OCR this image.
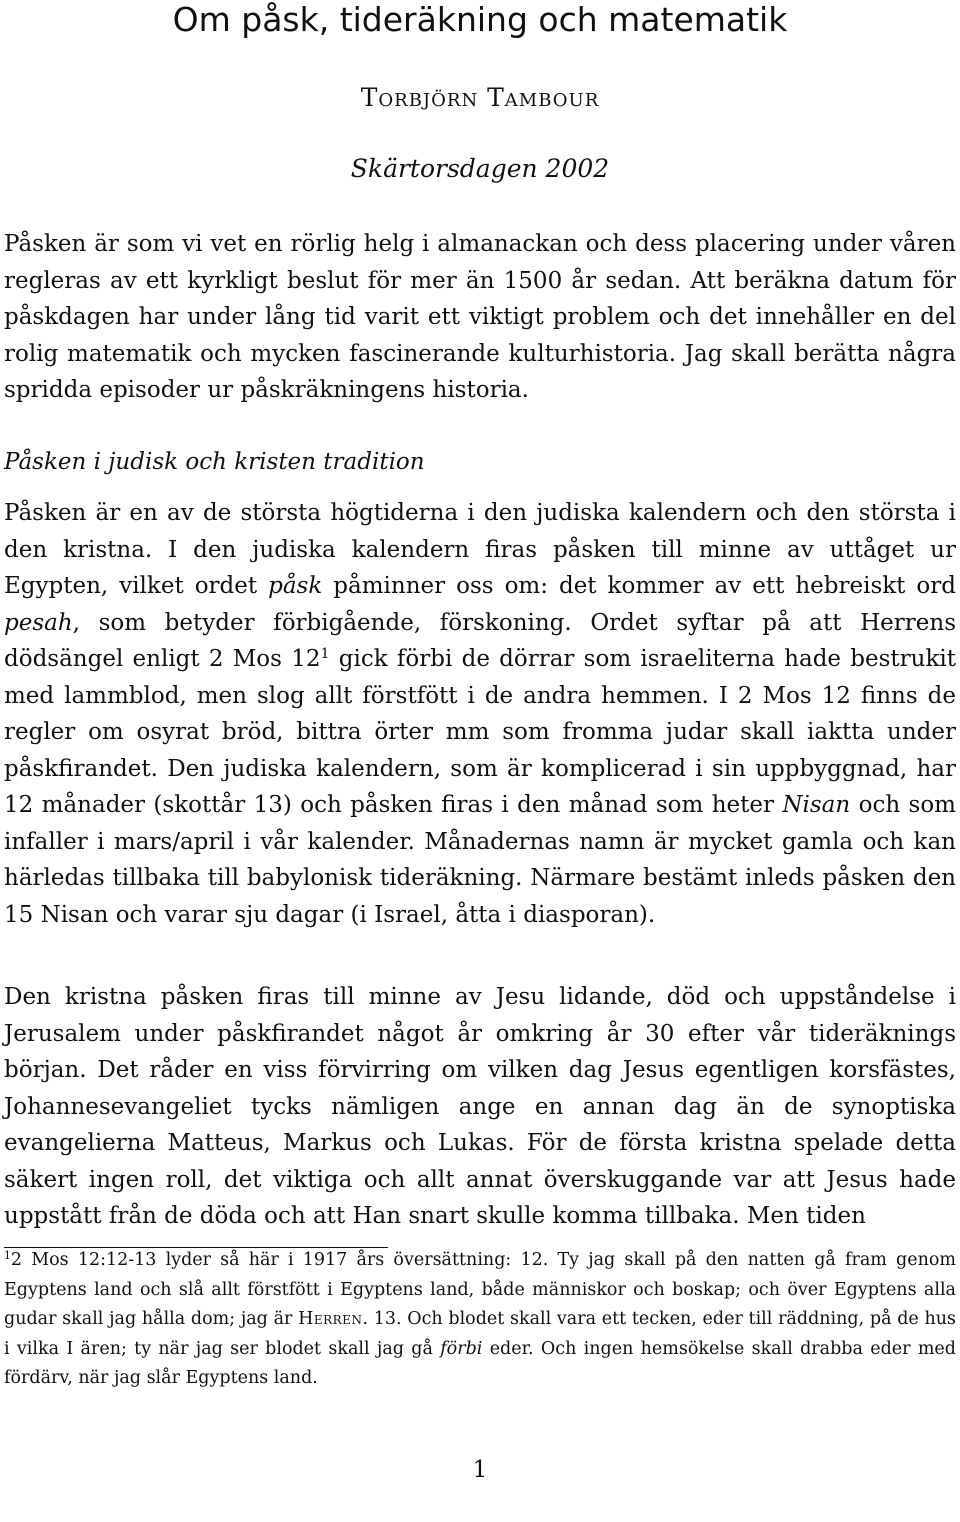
Om påsk, tideräkning och matematik
Torbjörn Tambour
Skärtorsdagen 2002

Påsken är som vi vet en rörlig helg i almanackan och dess placering under våren regleras av ett kyrkligt beslut för mer än 1500 år sedan. Att beräkna datum för påskdagen har under lång tid varit ett viktigt problem och det innehåller en del rolig matematik och mycken fascinerande kulturhistoria. Jag skall berätta några spridda episoder ur påskräkningens historia.

Påsken i judisk och kristen tradition

Påsken är en av de största högtiderna i den judiska kalendern och den största i den kristna. I den judiska kalendern firas påsken till minne av uttåget ur Egypten, vilket ordet påsk påminner oss om: det kommer av ett hebreiskt ord pesah, som betyder förbigående, förskoning. Ordet syftar på att Herrens dödsängel enligt 2 Mos $12^1$ gick förbi de dörrar som israeliterna hade bestrukit med lammblod, men slog allt förstfött i de andra hemmen. I 2 Mos 12 finns de regler om osyrat bröd, bittra örter mm som fromma judar skall iaktta under påskfirandet. Den judiska kalendern, som är komplicerad i sin uppbyggnad, har 12 månader (skottår 13) och påsken firas i den månad som heter Nisan och som infaller i mars/april i vår kalender. Månadernas namn är mycket gamla och kan härledas tillbaka till babylonisk tideräkning. Närmare bestämt inleds påsken den 15 Nisan och varar sju dagar (i Israel, åtta i diasporan).

Den kristna påsken firas till minne av Jesu lidande, död och uppståndelse i Jerusalem under påskfirandet något år omkring år 30 efter vår tideräknings början. Det råder en viss förvirring om vilken dag Jesus egentligen korsfästes, Johannesevangeliet tycks nämligen ange en annan dag än de synoptiska evangelierna Matteus, Markus och Lukas. För de första kristna spelade detta säkert ingen roll, det viktiga och allt annat överskuggande var att Jesus hade uppstått från de döda och att Han snart skulle komma tillbaka. Men tiden

$^1$2 Mos 12:12-13 lyder så här i 1917 års översättning: 12. Ty jag skall på den natten gå fram genom Egyptens land och slå allt förstfött i Egyptens land, både människor och boskap; och över Egyptens alla gudar skall jag hålla dom; jag är Herren. 13. Och blodet skall vara ett tecken, eder till räddning, på de hus i vilka I ären; ty när jag ser blodet skall jag gå förbi eder. Och ingen hemsökelse skall drabba eder med fördärv, när jag slår Egyptens land.

1
